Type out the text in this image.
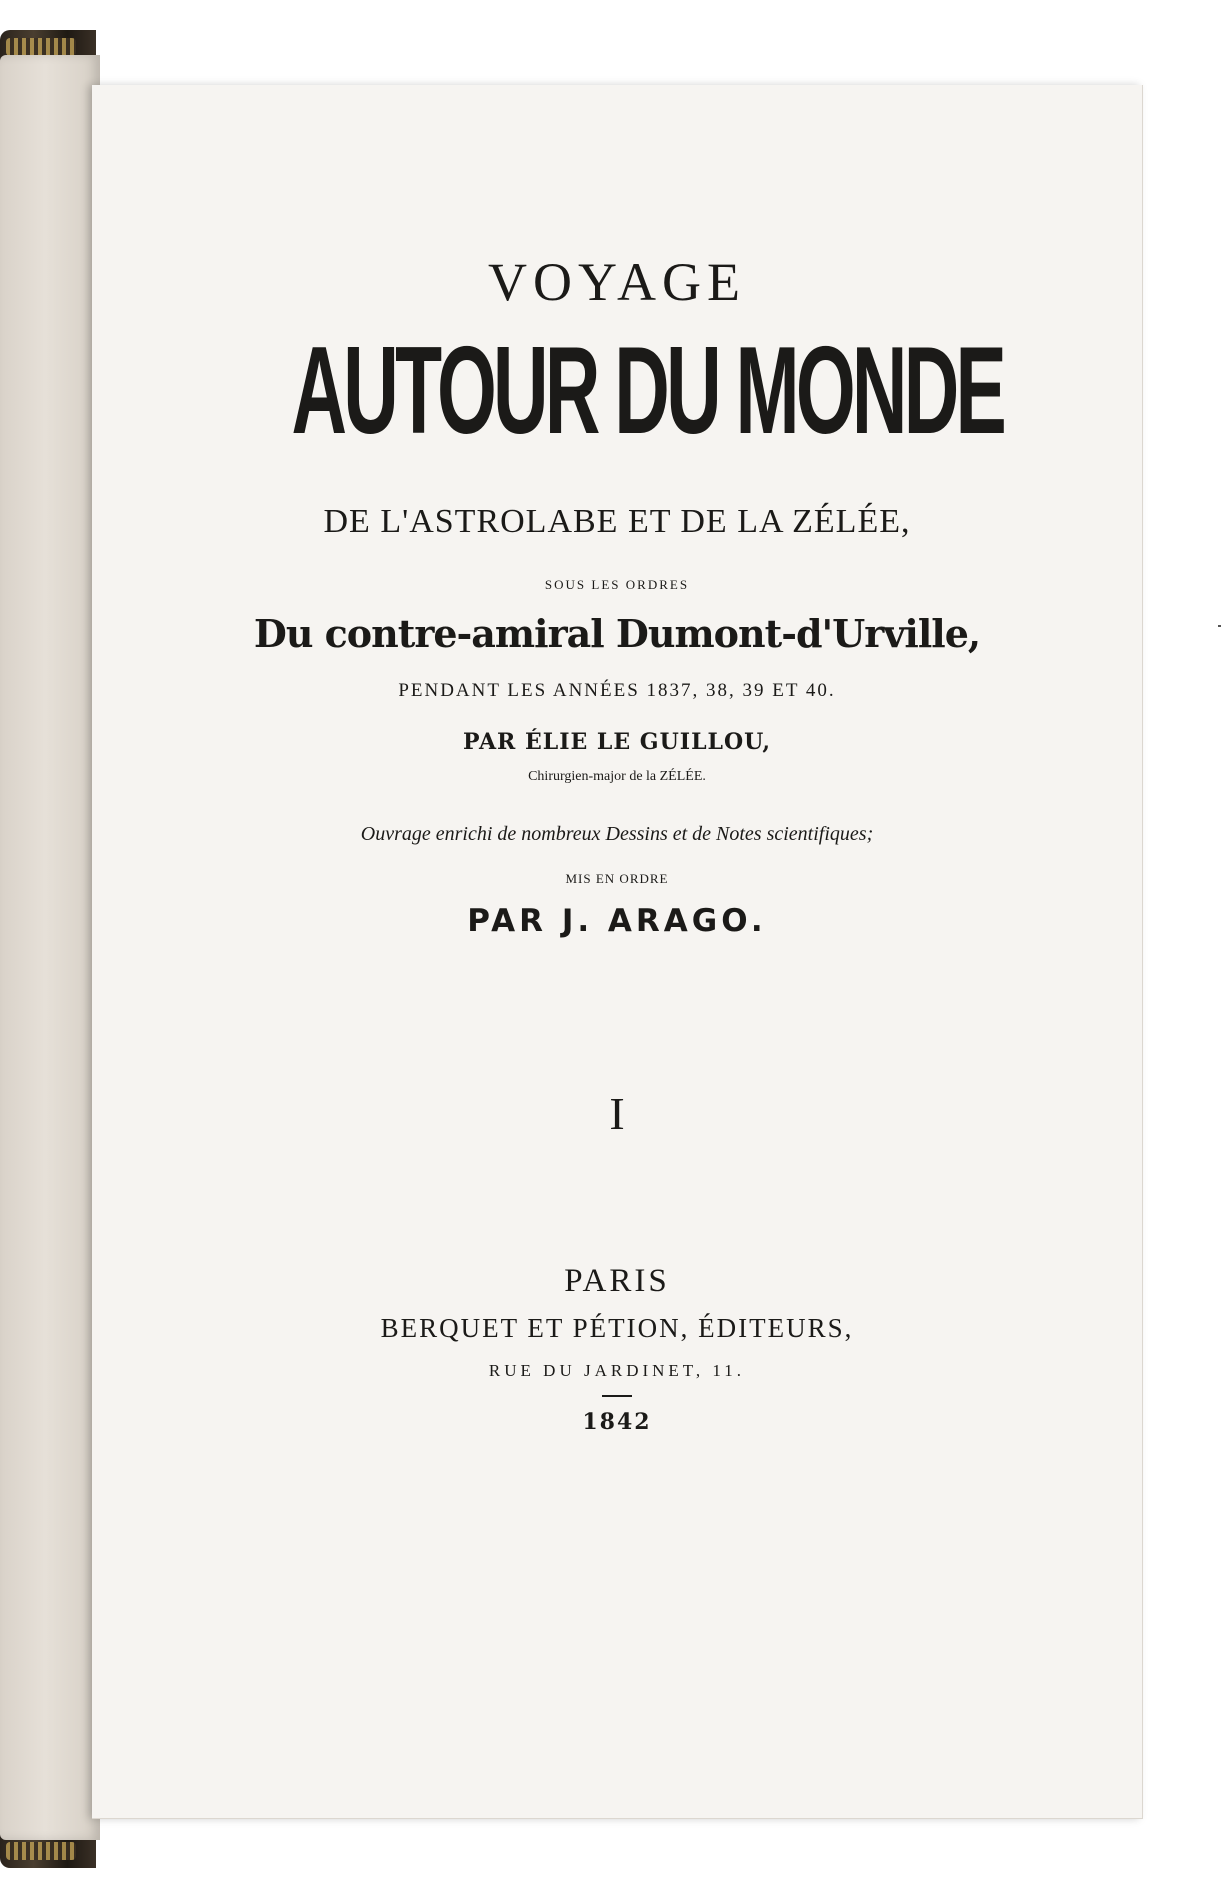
VOYAGE
AUTOUR DU MONDE
DE L'ASTROLABE ET DE LA ZÉLÉE,
SOUS LES ORDRES
Du contre-amiral Dumont-d'Urville,
PENDANT LES ANNÉES 1837, 38, 39 ET 40.
PAR ÉLIE LE GUILLOU,
Chirurgien-major de la ZÉLÉE.
Ouvrage enrichi de nombreux Dessins et de Notes scientifiques;
MIS EN ORDRE
PAR J. ARAGO.
I
PARIS
BERQUET ET PÉTION, ÉDITEURS,
RUE DU JARDINET, 11.
1842
